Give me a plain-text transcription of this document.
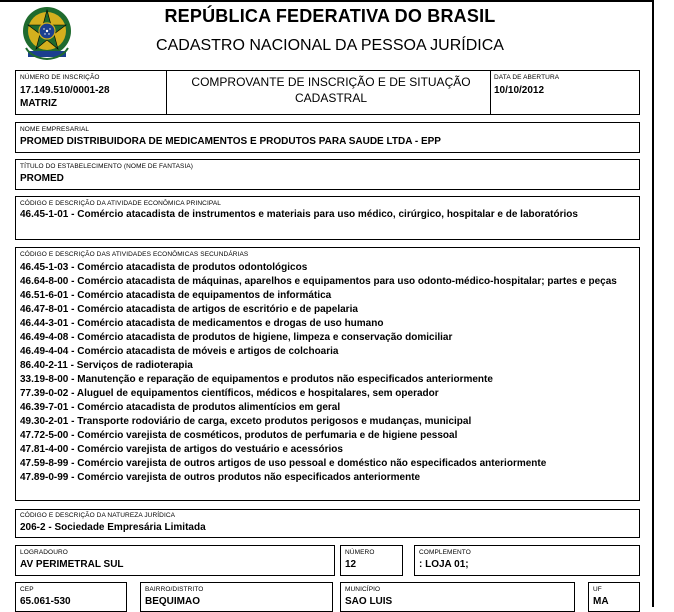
REPÚBLICA FEDERATIVA DO BRASIL
CADASTRO NACIONAL DA PESSOA JURÍDICA
NÚMERO DE INSCRIÇÃO
17.149.510/0001-28
MATRIZ
COMPROVANTE DE INSCRIÇÃO E DE SITUAÇÃO
CADASTRAL
DATA DE ABERTURA
10/10/2012
NOME EMPRESARIAL
PROMED DISTRIBUIDORA DE MEDICAMENTOS E PRODUTOS PARA SAUDE LTDA - EPP
TÍTULO DO ESTABELECIMENTO (NOME DE FANTASIA)
PROMED
CÓDIGO E DESCRIÇÃO DA ATIVIDADE ECONÔMICA PRINCIPAL
46.45-1-01 - Comércio atacadista de instrumentos e materiais para uso médico, cirúrgico, hospitalar e de laboratórios
CÓDIGO E DESCRIÇÃO DAS ATIVIDADES ECONÔMICAS SECUNDÁRIAS
46.45-1-03 - Comércio atacadista de produtos odontológicos
46.64-8-00 - Comércio atacadista de máquinas, aparelhos e equipamentos para uso odonto-médico-hospitalar; partes e peças
46.51-6-01 - Comércio atacadista de equipamentos de informática
46.47-8-01 - Comércio atacadista de artigos de escritório e de papelaria
46.44-3-01 - Comércio atacadista de medicamentos e drogas de uso humano
46.49-4-08 - Comércio atacadista de produtos de higiene, limpeza e conservação domiciliar
46.49-4-04 - Comércio atacadista de móveis e artigos de colchoaria
86.40-2-11 - Serviços de radioterapia
33.19-8-00 - Manutenção e reparação de equipamentos e produtos não especificados anteriormente
77.39-0-02 - Aluguel de equipamentos científicos, médicos e hospitalares, sem operador
46.39-7-01 - Comércio atacadista de produtos alimentícios em geral
49.30-2-01 - Transporte rodoviário de carga, exceto produtos perigosos e mudanças, municipal
47.72-5-00 - Comércio varejista de cosméticos, produtos de perfumaria e de higiene pessoal
47.81-4-00 - Comércio varejista de artigos do vestuário e acessórios
47.59-8-99 - Comércio varejista de outros artigos de uso pessoal e doméstico não especificados anteriormente
47.89-0-99 - Comércio varejista de outros produtos não especificados anteriormente
CÓDIGO E DESCRIÇÃO DA NATUREZA JURÍDICA
206-2 - Sociedade Empresária Limitada
LOGRADOURO
AV PERIMETRAL SUL
NÚMERO
12
COMPLEMENTO
: LOJA 01;
CEP
65.061-530
BAIRRO/DISTRITO
BEQUIMAO
MUNICÍPIO
SAO LUIS
UF
MA
